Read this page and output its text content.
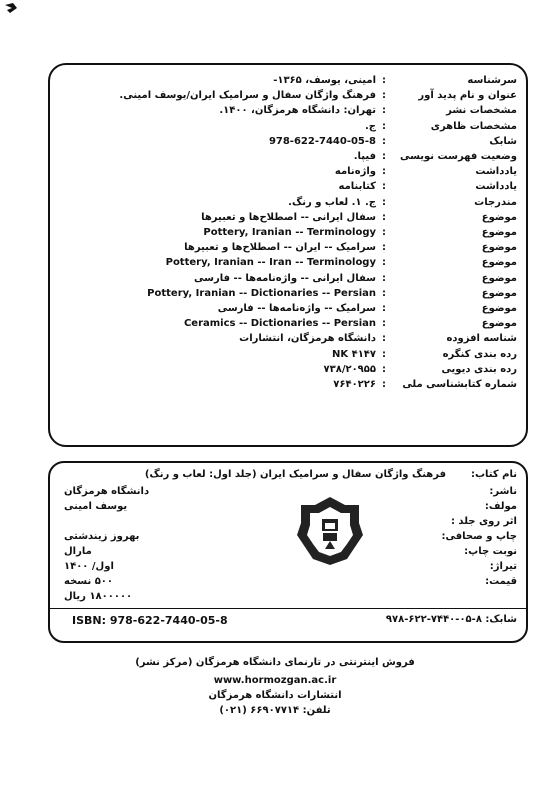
سرشناسه
:
امینی، یوسف، ۱۳۶۵-
عنوان و نام پدید آور
:
فرهنگ واژگان سفال و سرامیک ایران/یوسف امینی.
مشخصات نشر
:
تهران: دانشگاه هرمزگان، ۱۴۰۰.
مشخصات ظاهری
:
ج.
شابک
:
978-622-7440-05-8
وضعیت فهرست نویسی
:
فیپا.
یادداشت
:
واژه‌نامه
یادداشت
:
کتابنامه
مندرجات
:
ج. ۱. لعاب و رنگ.
موضوع
:
سفال ایرانی -- اصطلاح‌ها و تعبیرها
موضوع
:
Pottery, Iranian -- Terminology
موضوع
:
سرامیک -- ایران -- اصطلاح‌ها و تعبیرها
موضوع
:
Pottery, Iranian -- Iran -- Terminology
موضوع
:
سفال ایرانی -- واژه‌نامه‌ها -- فارسی
موضوع
:
Pottery, Iranian -- Dictionaries -- Persian
موضوع
:
سرامیک -- واژه‌نامه‌ها -- فارسی
موضوع
:
Ceramics -- Dictionaries -- Persian
شناسه افزوده
:
دانشگاه هرمزگان، انتشارات
رده بندی کنگره
:
NK ۴۱۴۷
رده بندی دیویی
:
۷۳۸/۲۰۹۵۵
شماره کتابشناسی ملی
:
۷۶۴۰۲۲۶
نام کتاب:
فرهنگ واژگان سفال و سرامیک ایران (جلد اول: لعاب و رنگ)
ناشر:
دانشگاه هرمزگان
مولف:
یوسف امینی
اثر روی جلد :
چاپ و صحافی:
بهروز زیندشتی
نوبت چاپ:
مارال
تیراژ:
اول/ ۱۴۰۰
قیمت:
۵۰۰ نسخه
۱۸۰۰۰۰۰ ریال
ISBN: 978-622-7440-05-8	شابک: ۸-۰۵-۷۴۴۰-۶۲۲-۹۷۸
فروش اینترنتی در تارنمای دانشگاه هرمزگان (مرکز نشر)
www.hormozgan.ac.ir
انتشارات دانشگاه هرمزگان
تلفن: ۶۶۹۰۷۷۱۴ (۰۲۱)
